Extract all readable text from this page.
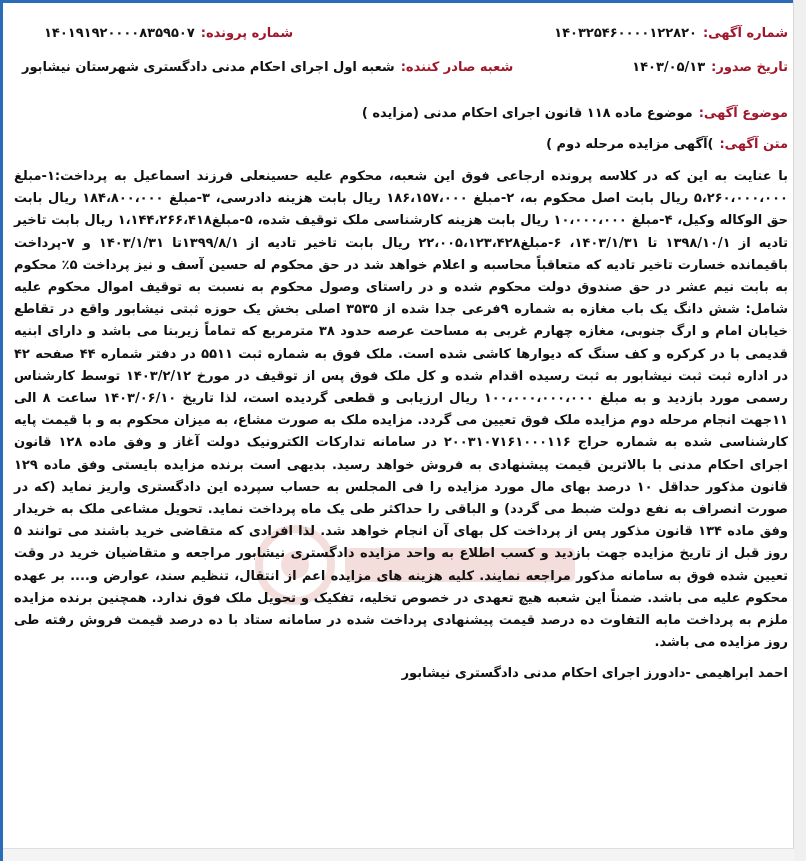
شماره آگهی:
۱۴۰۳۲۵۴۶۰۰۰۰۱۲۲۸۲۰
شماره پرونده:
۱۴۰۱۹۱۹۲۰۰۰۰۸۳۵۹۵۰۷
تاریخ صدور:
۱۴۰۳/۰۵/۱۳
شعبه صادر کننده:
شعبه اول اجرای احکام مدنی دادگستری شهرستان نیشابور
موضوع آگهی:
موضوع ماده ۱۱۸ قانون اجرای احکام مدنی (مزایده )
متن آگهی:
)آگهی مزایده مرحله دوم )
با عنایت به این که در کلاسه پرونده ارجاعی فوق این شعبه، محکوم علیه حسینعلی فرزند اسماعیل به پرداخت:۱-مبلغ ۵،۲۶۰،۰۰۰،۰۰۰ ریال بابت اصل محکوم به، ۲-مبلغ ۱۸۶،۱۵۷،۰۰۰ ریال بابت هزینه دادرسی، ۳-مبلغ ۱۸۴،۸۰۰،۰۰۰ ریال بابت حق الوکاله وکیل، ۴-مبلغ ۱۰،۰۰۰،۰۰۰ ریال بابت هزینه کارشناسی ملک توقیف شده، ۵-مبلغ۱،۱۴۴،۲۶۶،۴۱۸ ریال بابت تاخیر تادیه از ۱۳۹۸/۱۰/۱ تا ۱۴۰۳/۱/۳۱، ۶-مبلغ۲۲،۰۰۵،۱۲۳،۴۲۸ ریال بابت تاخیر تادیه از ۱۳۹۹/۸/۱تا ۱۴۰۳/۱/۳۱ و ۷-پرداخت باقیمانده خسارت تاخیر تادیه که متعاقباً محاسبه و اعلام خواهد شد در حق محکوم له حسین آسف و نیز پرداخت ۵٪ محکوم به بابت نیم عشر در حق صندوق دولت محکوم شده و در راستای وصول محکوم به نسبت به توقیف اموال محکوم علیه شامل: شش دانگ یک باب مغازه به شماره ۹فرعی جدا شده از ۳۵۳۵ اصلی بخش یک حوزه ثبتی نیشابور واقع در تقاطع خیابان امام و ارگ جنوبی، مغازه چهارم غربی به مساحت عرصه حدود ۳۸ مترمربع که تماماً زیربنا می باشد و دارای ابنیه قدیمی با در کرکره و کف سنگ که دیوارها کاشی شده است. ملک فوق به شماره ثبت ۵۵۱۱ در دفتر شماره ۴۴ صفحه ۴۲ در اداره ثبت ثبت نیشابور به ثبت رسیده اقدام شده و کل ملک فوق پس از توقیف در مورخ ۱۴۰۳/۲/۱۲ توسط کارشناس رسمی مورد بازدید و به مبلغ ۱۰۰،۰۰۰،۰۰۰،۰۰۰ ریال ارزیابی و قطعی گردیده است، لذا تاریخ ۱۴۰۳/۰۶/۱۰ ساعت ۸ الی ۱۱جهت انجام مرحله دوم مزایده ملک فوق تعیین می گردد. مزایده ملک به صورت مشاع، به میزان محکوم به و با قیمت پایه کارشناسی شده به شماره حراج ۲۰۰۳۱۰۷۱۶۱۰۰۰۱۱۶ در سامانه تدارکات الکترونیک دولت آغاز و وفق ماده ۱۲۸ قانون اجرای احکام مدنی با بالاترین قیمت پیشنهادی به فروش خواهد رسید. بدیهی است برنده مزایده بایستی وفق ماده ۱۲۹ قانون مذکور حداقل ۱۰ درصد بهای مال مورد مزایده را فی المجلس به حساب سپرده این دادگستری واریز نماید (که در صورت انصراف به نفع دولت ضبط می گردد) و الباقی را حداکثر طی یک ماه پرداخت نماید. تحویل مشاعی ملک به خریدار وفق ماده ۱۳۴ قانون مذکور پس از پرداخت کل بهای آن انجام خواهد شد. لذا افرادی که متقاضی خرید باشند می توانند ۵ روز قبل از تاریخ مزایده جهت بازدید و کسب اطلاع به واحد مزایده دادگستری نیشابور مراجعه و متقاضیان خرید در وقت تعیین شده فوق به سامانه مذکور مراجعه نمایند. کلیه هزینه های مزایده اعم از انتقال، تنظیم سند، عوارض و.... بر عهده محکوم علیه می باشد. ضمناً این شعبه هیچ تعهدی در خصوص تخلیه، تفکیک و تحویل ملک فوق ندارد. همچنین برنده مزایده ملزم به پرداخت مابه التفاوت ده درصد قیمت پیشنهادی پرداخت شده در سامانه ستاد با ده درصد قیمت فروش رفته طی روز مزایده می باشد.
احمد ابراهیمی -دادورز اجرای احکام مدنی دادگستری نیشابور
